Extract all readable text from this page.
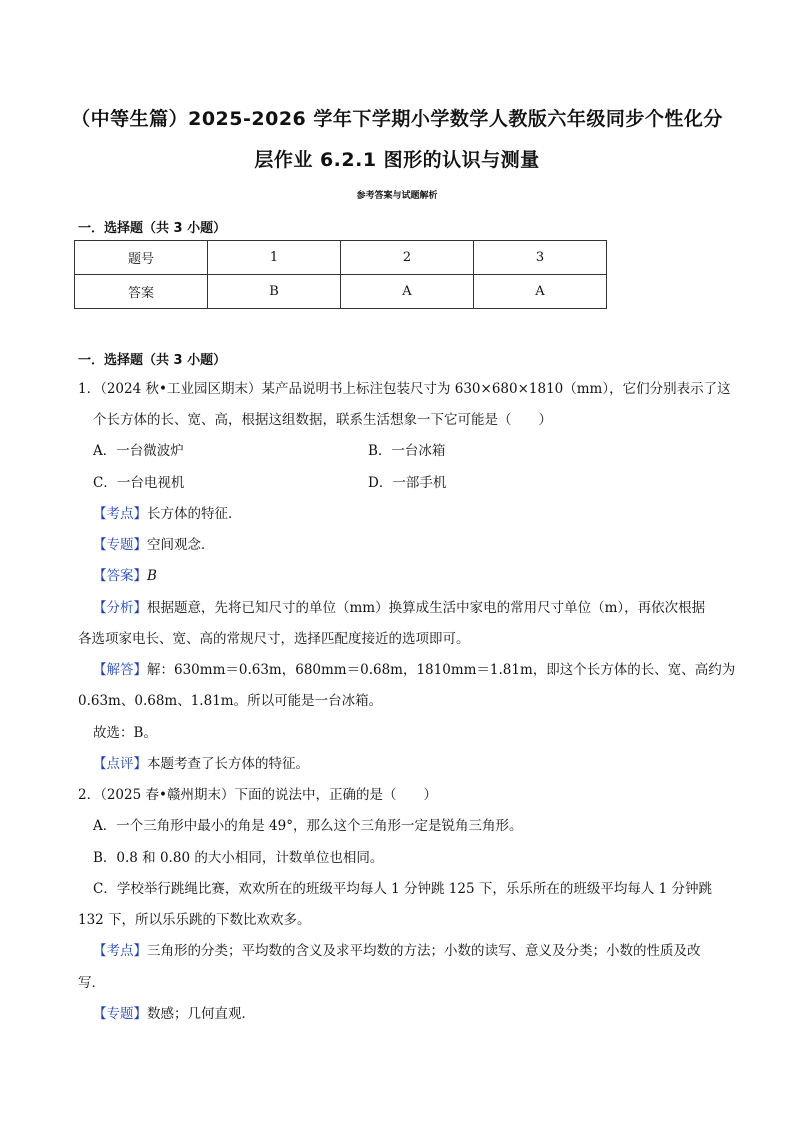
（中等生篇）2025-2026 学年下学期小学数学人教版六年级同步个性化分
层作业 6.2.1 图形的认识与测量
参考答案与试题解析
一．选择题（共 3 小题）
题号	1	2	3
答案	B	A	A
一．选择题（共 3 小题）
1．（2024 秋•工业园区期末）某产品说明书上标注包装尺寸为 630×680×1810（mm），它们分别表示了这
个长方体的长、宽、高，根据这组数据，联系生活想象一下它可能是（　　）
A．一台微波炉	B．一台冰箱
C．一台电视机	D．一部手机
【考点】长方体的特征．
【专题】空间观念．
【答案】B
【分析】根据题意，先将已知尺寸的单位（mm）换算成生活中家电的常用尺寸单位（m），再依次根据
各选项家电长、宽、高的常规尺寸，选择匹配度接近的选项即可。
【解答】解：630mm＝0.63m，680mm＝0.68m，1810mm＝1.81m，即这个长方体的长、宽、高约为
0.63m、0.68m、1.81m。所以可能是一台冰箱。
故选：B。
【点评】本题考查了长方体的特征。
2．（2025 春•赣州期末）下面的说法中，正确的是（　　）
A．一个三角形中最小的角是 49°，那么这个三角形一定是锐角三角形。
B．0.8 和 0.80 的大小相同，计数单位也相同。
C．学校举行跳绳比赛，欢欢所在的班级平均每人 1 分钟跳 125 下，乐乐所在的班级平均每人 1 分钟跳
132 下，所以乐乐跳的下数比欢欢多。
【考点】三角形的分类；平均数的含义及求平均数的方法；小数的读写、意义及分类；小数的性质及改
写．
【专题】数感；几何直观．
